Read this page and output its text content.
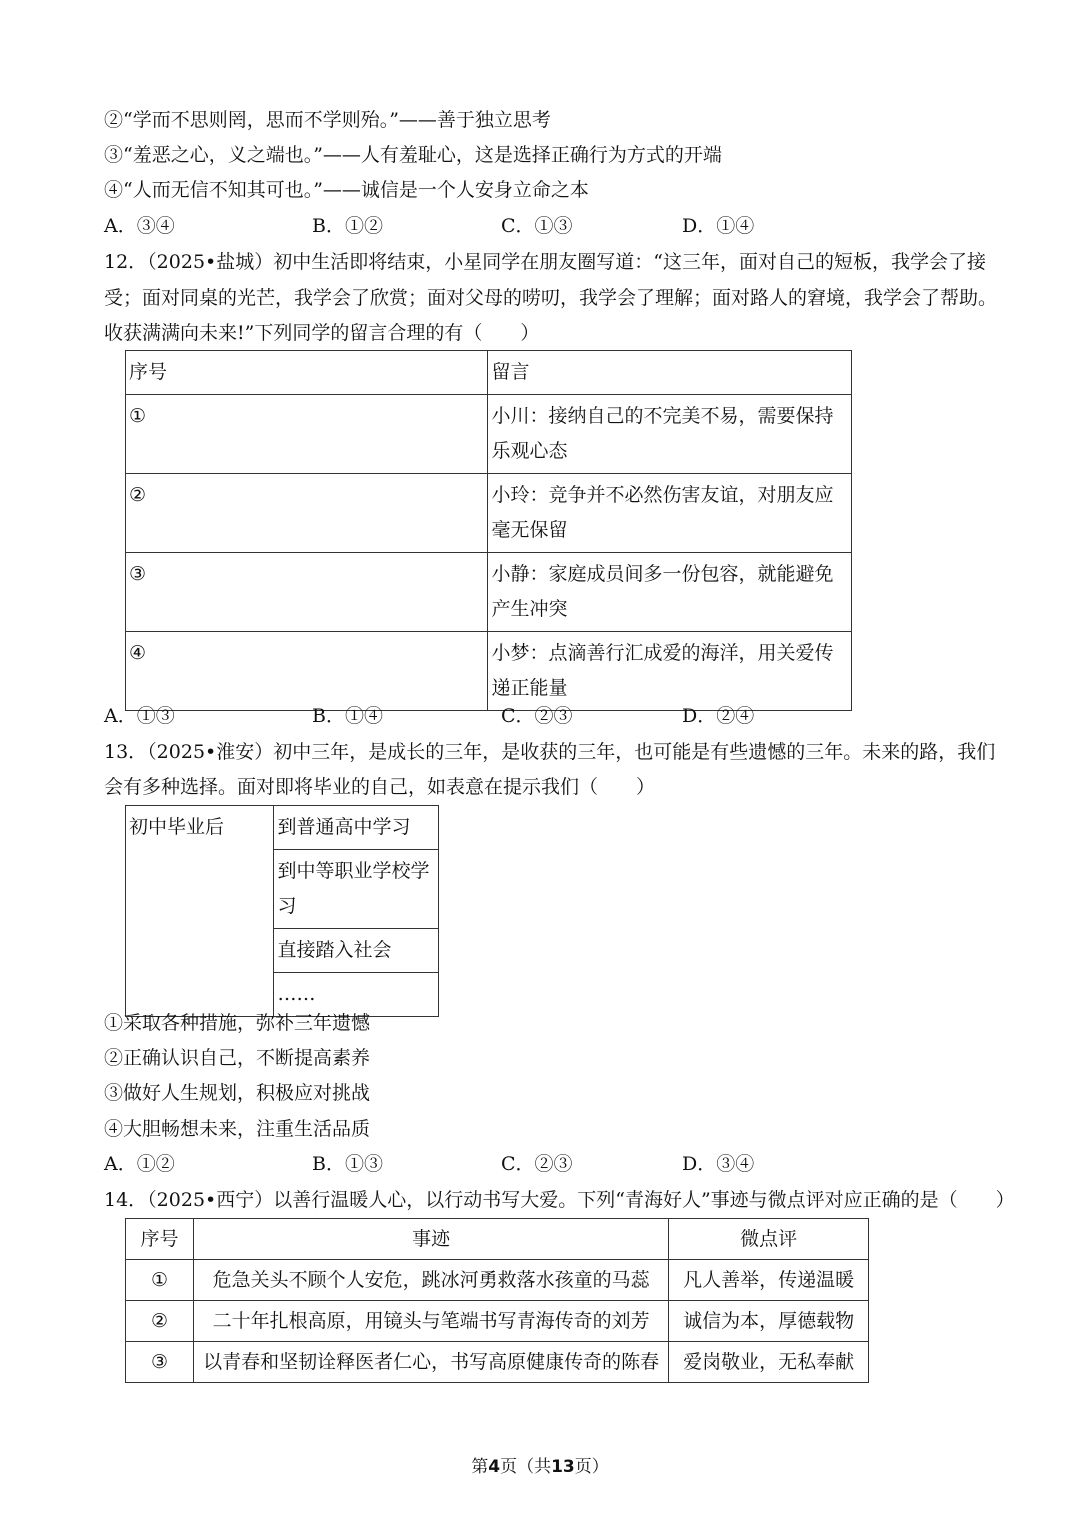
②“学而不思则罔，思而不学则殆。”——善于独立思考
③“羞恶之心，义之端也。”——人有羞耻心，这是选择正确行为方式的开端
④“人而无信不知其可也。”——诚信是一个人安身立命之本
A．③④	B．①②	C．①③	D．①④
12．（2025•盐城）初中生活即将结束，小星同学在朋友圈写道：“这三年，面对自己的短板，我学会了接
受；面对同桌的光芒，我学会了欣赏；面对父母的唠叨，我学会了理解；面对路人的窘境，我学会了帮助。
收获满满向未来!”下列同学的留言合理的有（　　）
序号	留言
①	小川：接纳自己的不完美不易，需要保持乐观心态
②	小玲：竞争并不必然伤害友谊，对朋友应毫无保留
③	小静：家庭成员间多一份包容，就能避免产生冲突
④	小梦：点滴善行汇成爱的海洋，用关爱传递正能量
A．①③	B．①④	C．②③	D．②④
13．（2025•淮安）初中三年，是成长的三年，是收获的三年，也可能是有些遗憾的三年。未来的路，我们
会有多种选择。面对即将毕业的自己，如表意在提示我们（　　）
初中毕业后	到普通高中学习
到中等职业学校学习
直接踏入社会
……
①采取各种措施，弥补三年遗憾
②正确认识自己，不断提高素养
③做好人生规划，积极应对挑战
④大胆畅想未来，注重生活品质
A．①②	B．①③	C．②③	D．③④
14．（2025•西宁）以善行温暖人心，以行动书写大爱。下列“青海好人”事迹与微点评对应正确的是（　　）
序号	事迹	微点评
①	危急关头不顾个人安危，跳冰河勇救落水孩童的马蕊	凡人善举，传递温暖
②	二十年扎根高原，用镜头与笔端书写青海传奇的刘芳	诚信为本，厚德载物
③	以青春和坚韧诠释医者仁心，书写高原健康传奇的陈春	爱岗敬业，无私奉献
第4页（共13页）
